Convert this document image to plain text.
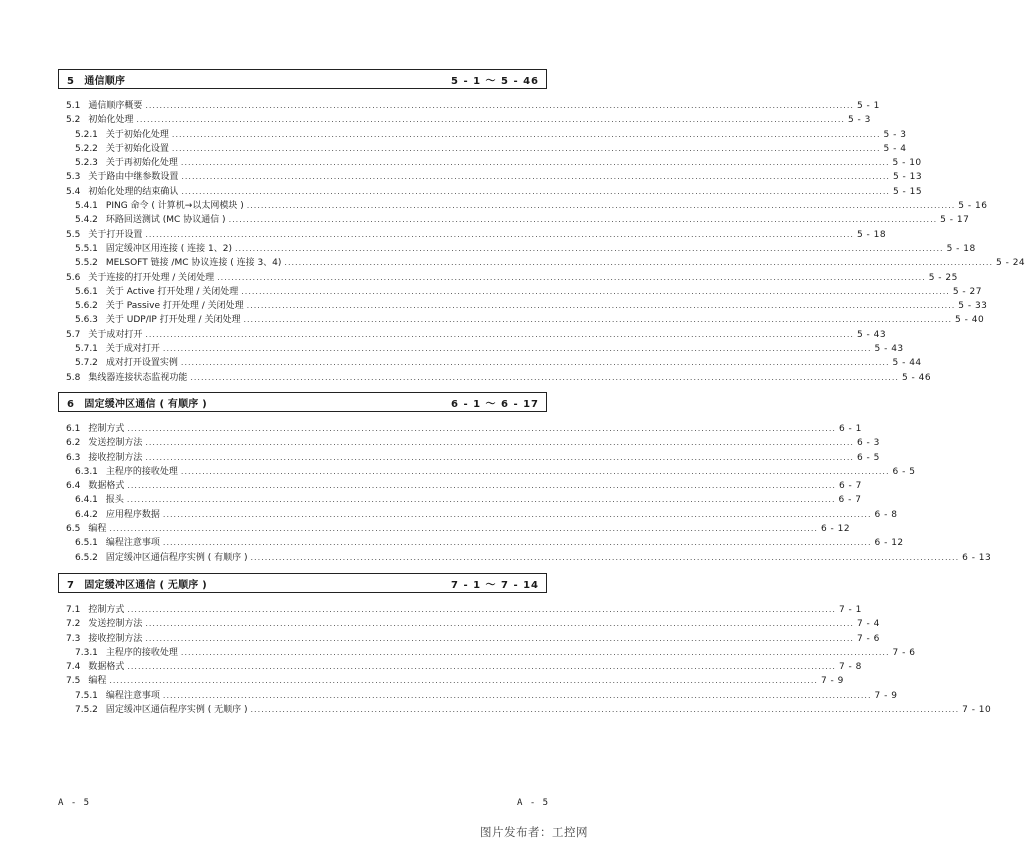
5　通信顺序	5 - 1 ～ 5 - 46
5.1 通信顺序概要 ........................................................................................................................................................................................................ 5 - 1
5.2 初始化处理 ........................................................................................................................................................................................................ 5 - 3
5.2.1 关于初始化处理 ........................................................................................................................................................................................................ 5 - 3
5.2.2 关于初始化设置 ........................................................................................................................................................................................................ 5 - 4
5.2.3 关于再初始化处理 ........................................................................................................................................................................................................ 5 - 10
5.3 关于路由中继参数设置 ........................................................................................................................................................................................................ 5 - 13
5.4 初始化处理的结束确认 ........................................................................................................................................................................................................ 5 - 15
5.4.1 PING 命令 ( 计算机→以太网模块 ) ........................................................................................................................................................................................................ 5 - 16
5.4.2 环路回送测试 (MC 协议通信 ) ........................................................................................................................................................................................................ 5 - 17
5.5 关于打开设置 ........................................................................................................................................................................................................ 5 - 18
5.5.1 固定缓冲区用连接 ( 连接 1、2) ........................................................................................................................................................................................................ 5 - 18
5.5.2 MELSOFT 链接 /MC 协议连接 ( 连接 3、4) ........................................................................................................................................................................................................ 5 - 24
5.6 关于连接的打开处理 / 关闭处理 ........................................................................................................................................................................................................ 5 - 25
5.6.1 关于 Active 打开处理 / 关闭处理 ........................................................................................................................................................................................................ 5 - 27
5.6.2 关于 Passive 打开处理 / 关闭处理 ........................................................................................................................................................................................................ 5 - 33
5.6.3 关于 UDP/IP 打开处理 / 关闭处理 ........................................................................................................................................................................................................ 5 - 40
5.7 关于成对打开 ........................................................................................................................................................................................................ 5 - 43
5.7.1 关于成对打开 ........................................................................................................................................................................................................ 5 - 43
5.7.2 成对打开设置实例 ........................................................................................................................................................................................................ 5 - 44
5.8 集线器连接状态监视功能 ........................................................................................................................................................................................................ 5 - 46
6　固定缓冲区通信 ( 有顺序 )	6 - 1 ～ 6 - 17
6.1 控制方式 ........................................................................................................................................................................................................ 6 - 1
6.2 发送控制方法 ........................................................................................................................................................................................................ 6 - 3
6.3 接收控制方法 ........................................................................................................................................................................................................ 6 - 5
6.3.1 主程序的接收处理 ........................................................................................................................................................................................................ 6 - 5
6.4 数据格式 ........................................................................................................................................................................................................ 6 - 7
6.4.1 报头 ........................................................................................................................................................................................................ 6 - 7
6.4.2 应用程序数据 ........................................................................................................................................................................................................ 6 - 8
6.5 编程 ........................................................................................................................................................................................................ 6 - 12
6.5.1 编程注意事项 ........................................................................................................................................................................................................ 6 - 12
6.5.2 固定缓冲区通信程序实例 ( 有顺序 ) ........................................................................................................................................................................................................ 6 - 13
7　固定缓冲区通信 ( 无顺序 )	7 - 1 ～ 7 - 14
7.1 控制方式 ........................................................................................................................................................................................................ 7 - 1
7.2 发送控制方法 ........................................................................................................................................................................................................ 7 - 4
7.3 接收控制方法 ........................................................................................................................................................................................................ 7 - 6
7.3.1 主程序的接收处理 ........................................................................................................................................................................................................ 7 - 6
7.4 数据格式 ........................................................................................................................................................................................................ 7 - 8
7.5 编程 ........................................................................................................................................................................................................ 7 - 9
7.5.1 编程注意事项 ........................................................................................................................................................................................................ 7 - 9
7.5.2 固定缓冲区通信程序实例 ( 无顺序 ) ........................................................................................................................................................................................................ 7 - 10
A - 5	A - 5
图片发布者：工控网
